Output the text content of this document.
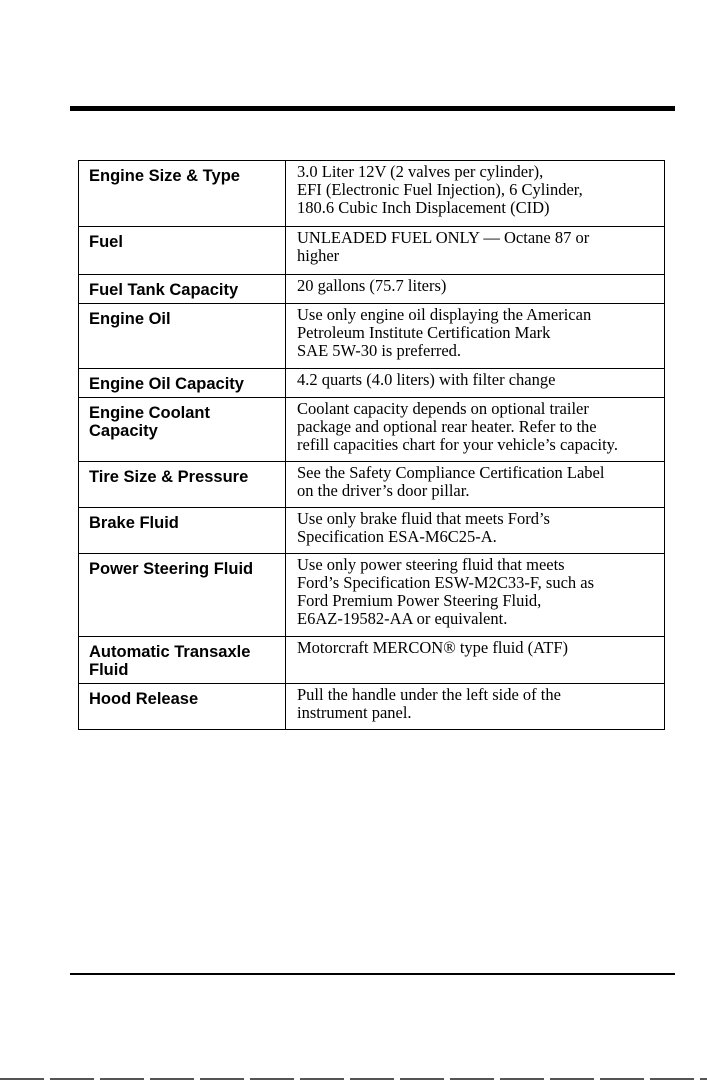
Engine Size & Type	3.0 Liter 12V (2 valves per cylinder),
EFI (Electronic Fuel Injection), 6 Cylinder,
180.6 Cubic Inch Displacement (CID)

Fuel	UNLEADED FUEL ONLY — Octane 87 or
higher

Fuel Tank Capacity	20 gallons (75.7 liters)

Engine Oil	Use only engine oil displaying the American
Petroleum Institute Certification Mark
SAE 5W-30 is preferred.

Engine Oil Capacity	4.2 quarts (4.0 liters) with filter change

Engine Coolant Capacity	Coolant capacity depends on optional trailer
package and optional rear heater. Refer to the
refill capacities chart for your vehicle’s capacity.

Tire Size & Pressure	See the Safety Compliance Certification Label
on the driver’s door pillar.

Brake Fluid	Use only brake fluid that meets Ford’s
Specification ESA-M6C25-A.

Power Steering Fluid	Use only power steering fluid that meets
Ford’s Specification ESW-M2C33-F, such as
Ford Premium Power Steering Fluid,
E6AZ-19582-AA or equivalent.

Automatic Transaxle Fluid	Motorcraft MERCON® type fluid (ATF)

Hood Release	Pull the handle under the left side of the
instrument panel.
